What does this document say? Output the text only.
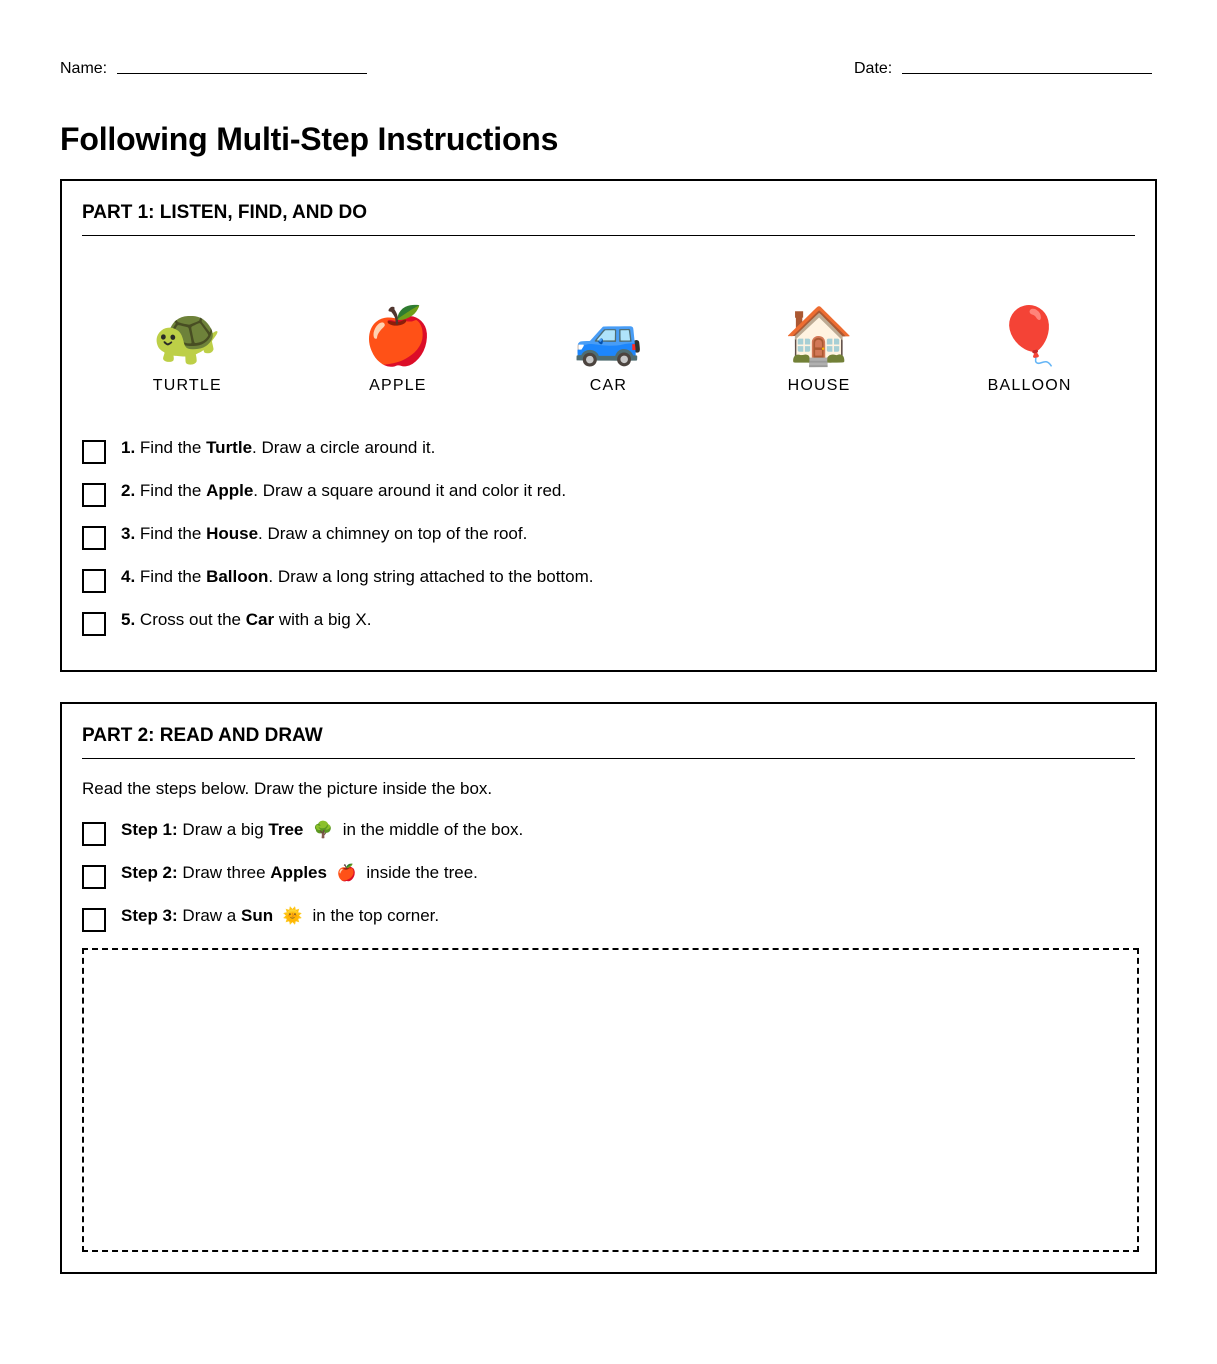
Name:	Date:
Following Multi-Step Instructions
PART 1: LISTEN, FIND, AND DO
🐢
TURTLE
🍎
APPLE
🚙
CAR
🏠
HOUSE
🎈
BALLOON
1. Find the Turtle. Draw a circle around it.
2. Find the Apple. Draw a square around it and color it red.
3. Find the House. Draw a chimney on top of the roof.
4. Find the Balloon. Draw a long string attached to the bottom.
5. Cross out the Car with a big X.
PART 2: READ AND DRAW

Read the steps below. Draw the picture inside the box.

Step 1: Draw a big Tree 🌳 in the middle of the box.
Step 2: Draw three Apples 🍎 inside the tree.
Step 3: Draw a Sun 🌞 in the top corner.
